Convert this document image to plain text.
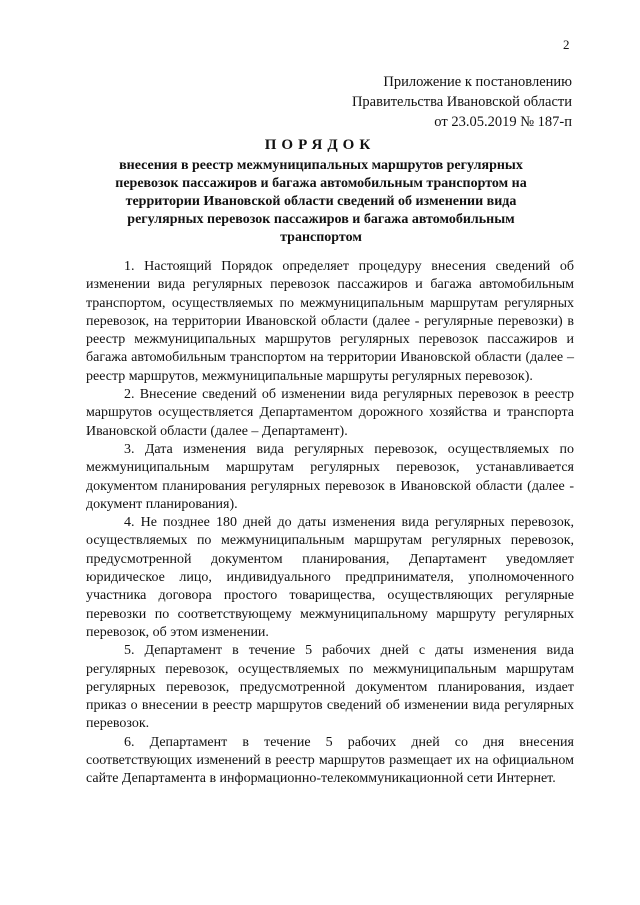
2
Приложение к постановлению
Правительства Ивановской области
от 23.05.2019 № 187-п
ПОРЯДОК
внесения в реестр межмуниципальных маршрутов регулярных перевозок пассажиров и багажа автомобильным транспортом на территории Ивановской области сведений об изменении вида регулярных перевозок пассажиров и багажа автомобильным транспортом

1. Настоящий Порядок определяет процедуру внесения сведений об изменении вида регулярных перевозок пассажиров и багажа автомобильным транспортом, осуществляемых по межмуниципальным маршрутам регулярных перевозок, на территории Ивановской области (далее - регулярные перевозки) в реестр межмуниципальных маршрутов регулярных перевозок пассажиров и багажа автомобильным транспортом на территории Ивановской области (далее – реестр маршрутов, межмуниципальные маршруты регулярных перевозок).

2. Внесение сведений об изменении вида регулярных перевозок в реестр маршрутов осуществляется Департаментом дорожного хозяйства и транспорта Ивановской области (далее – Департамент).

3. Дата изменения вида регулярных перевозок, осуществляемых по межмуниципальным маршрутам регулярных перевозок, устанавливается документом планирования регулярных перевозок в Ивановской области (далее - документ планирования).

4. Не позднее 180 дней до даты изменения вида регулярных перевозок, осуществляемых по межмуниципальным маршрутам регулярных перевозок, предусмотренной документом планирования, Департамент уведомляет юридическое лицо, индивидуального предпринимателя, уполномоченного участника договора простого товарищества, осуществляющих регулярные перевозки по соответствующему межмуниципальному маршруту регулярных перевозок, об этом изменении.

5. Департамент в течение 5 рабочих дней с даты изменения вида регулярных перевозок, осуществляемых по межмуниципальным маршрутам регулярных перевозок, предусмотренной документом планирования, издает приказ о внесении в реестр маршрутов сведений об изменении вида регулярных перевозок.

6. Департамент в течение 5 рабочих дней со дня внесения соответствующих изменений в реестр маршрутов размещает их на официальном сайте Департамента в информационно-телекоммуникационной сети Интернет.
